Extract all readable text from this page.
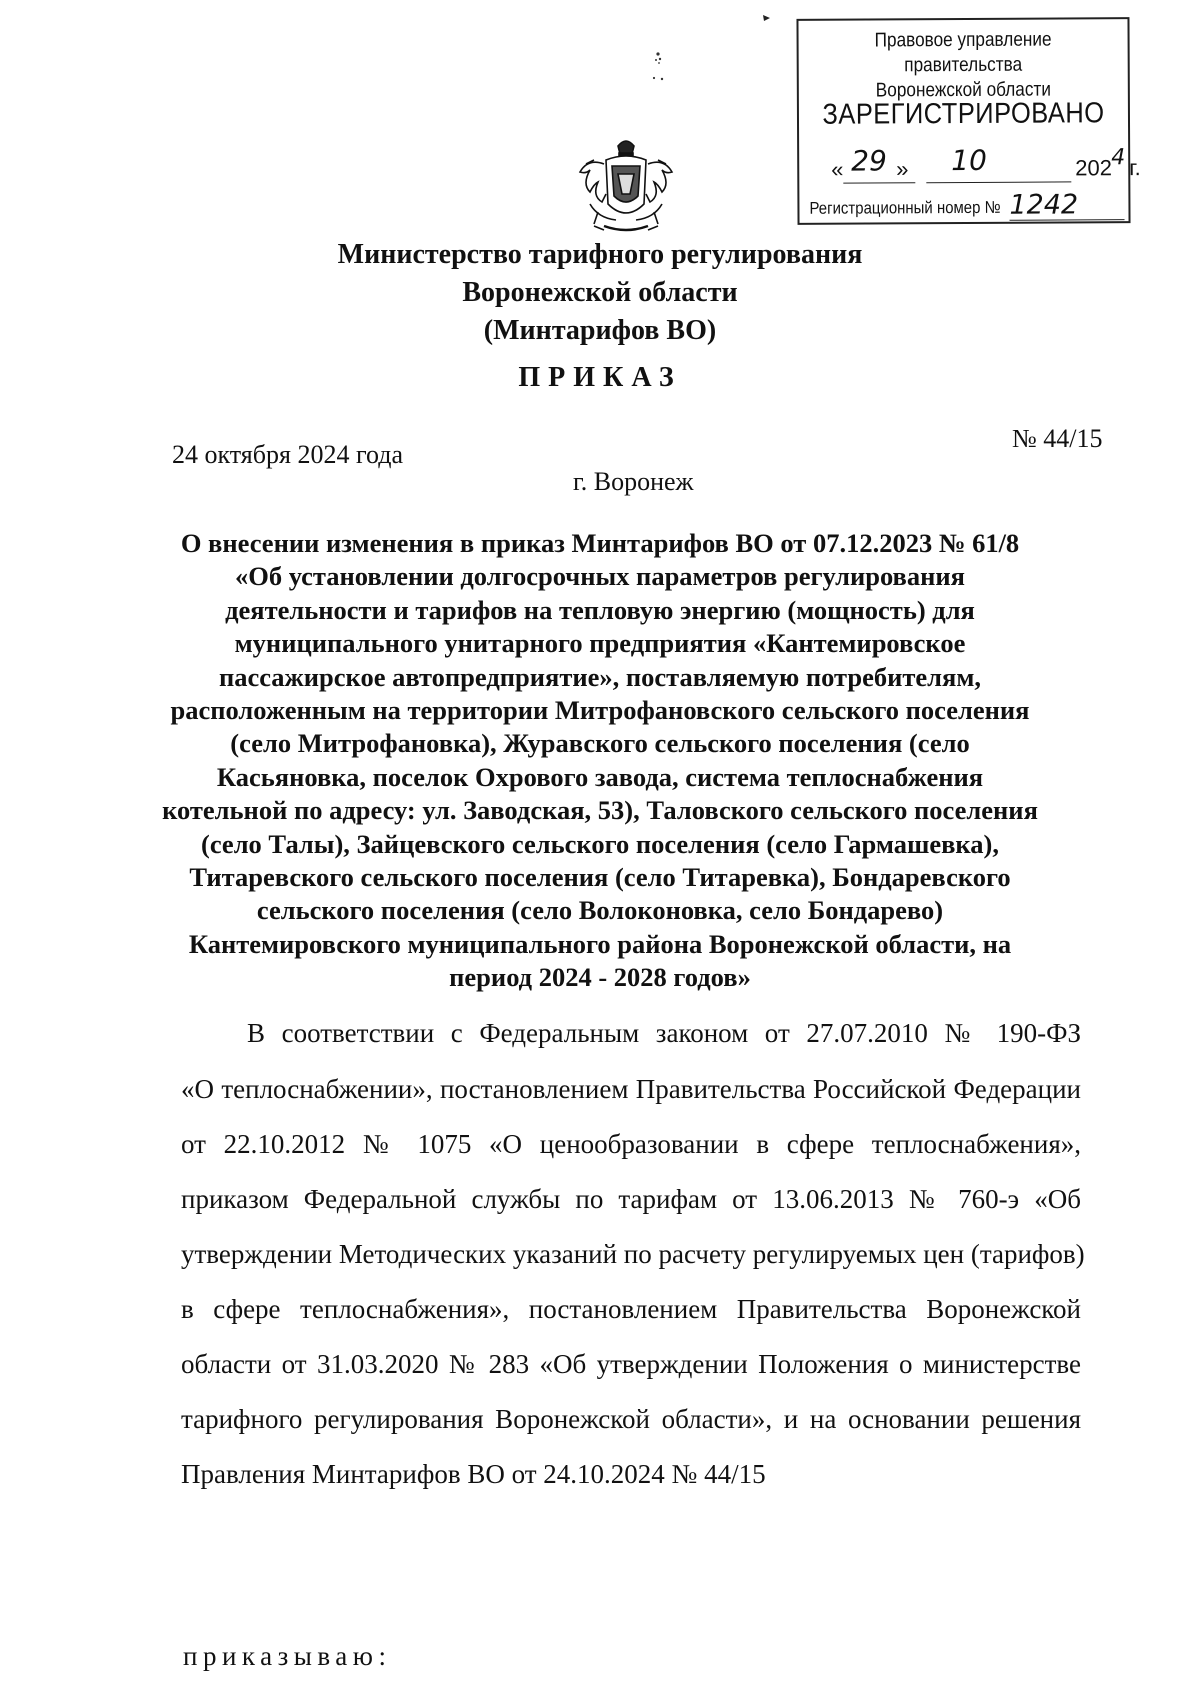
Правовое управление правительства
Воронежской области
ЗАРЕГИСТРИРОВАНО
« 29 » 10	202 4 г.
Регистрационный номер № 1242
Министерство тарифного регулирования
Воронежской области
(Минтарифов ВО)
ПРИКАЗ
24 октября 2024 года
№ 44/15
г. Воронеж
О внесении изменения в приказ Минтарифов ВО от 07.12.2023 № 61/8
«Об установлении долгосрочных параметров регулирования
деятельности и тарифов на тепловую энергию (мощность) для
муниципального унитарного предприятия «Кантемировское
пассажирское автопредприятие», поставляемую потребителям,
расположенным на территории Митрофановского сельского поселения
(село Митрофановка), Журавского сельского поселения (село
Касьяновка, поселок Охрового завода, система теплоснабжения
котельной по адресу: ул. Заводская, 53), Таловского сельского поселения
(село Талы), Зайцевского сельского поселения (село Гармашевка),
Титаревского сельского поселения (село Титаревка), Бондаревского
сельского поселения (село Волоконовка, село Бондарево)
Кантемировского муниципального района Воронежской области, на
период 2024 - 2028 годов»
В соответствии с Федеральным законом от 27.07.2010 № 190-ФЗ
«О теплоснабжении», постановлением Правительства Российской Федерации
от 22.10.2012 № 1075 «О ценообразовании в сфере теплоснабжения»,
приказом Федеральной службы по тарифам от 13.06.2013 № 760-э «Об
утверждении Методических указаний по расчету регулируемых цен (тарифов)
в сфере теплоснабжения», постановлением Правительства Воронежской
области от 31.03.2020 № 283 «Об утверждении Положения о министерстве
тарифного регулирования Воронежской области», и на основании решения
Правления Минтарифов ВО от 24.10.2024 № 44/15
приказываю:
